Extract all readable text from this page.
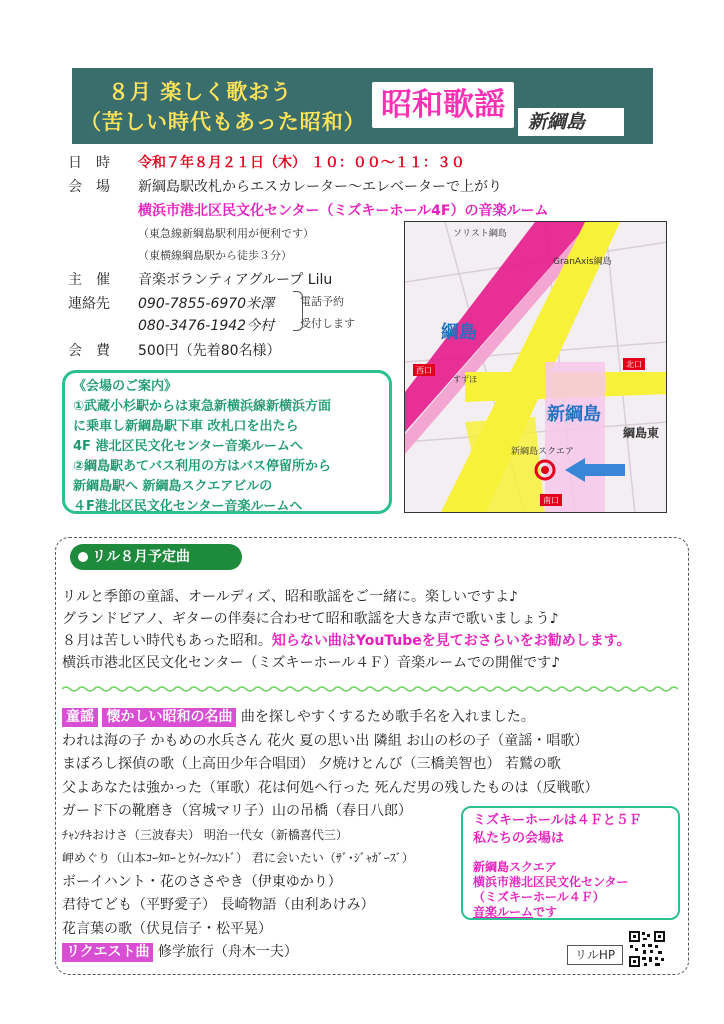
８月 楽しく歌おう
（苦しい時代もあった昭和） 昭和歌謡	新綱島
日　時	令和７年８月２１日（木） １０：００～１１：３０
会　場	新綱島駅改札からエスカレーター～エレベーターで上がり
横浜市港北区民文化センター（ミズキーホール4F）の音楽ルーム
（東急線新綱島駅利用が便利です）
（東横線綱島駅から徒歩３分）
主　催	音楽ボランティアグループ Lilu
連絡先	090-7855-6970米澤 電話予約
080-3476-1942今村 受付します
会　費	500円（先着80名様）
ソリスト綱島
GranAxis綱島
綱島
新綱島
綱島東
新綱島スクエア
西口
北口
南口
すずほ
《会場のご案内》
①武蔵小杉駅からは東急新横浜線新横浜方面
に乗車し新綱島駅下車 改札口を出たら
4F 港北区民文化センター音楽ルームへ
②綱島駅あてバス利用の方はバス停留所から
新綱島駅へ 新綱島スクエアビルの
４F港北区民文化センター音楽ルームへ
リル８月予定曲
リルと季節の童謡、オールディズ、昭和歌謡をご一緒に。楽しいですよ♪
グランドピアノ、ギターの伴奏に合わせて昭和歌謡を大きな声で歌いましょう♪
８月は苦しい時代もあった昭和。知らない曲はYouTubeを見ておさらいをお勧めします。
横浜市港北区民文化センター（ミズキーホール４Ｆ）音楽ルームでの開催です♪
童謡 懐かしい昭和の名曲 曲を探しやすくするため歌手名を入れました。
われは海の子 かもめの水兵さん 花火 夏の思い出 隣組 お山の杉の子（童謡・唱歌）
まぼろし探偵の歌（上高田少年合唱団） 夕焼けとんび（三橋美智也） 若鷲の歌
父よあなたは強かった（軍歌）花は何処へ行った 死んだ男の残したものは（反戦歌）
ガード下の靴磨き（宮城マリ子）山の吊橋（春日八郎）
ﾁｬﾝﾁｷおけさ（三波春夫） 明治一代女（新橋喜代三）
岬めぐり（山本ｺｰﾀﾛｰとｳｲｰｸｴﾝﾄﾞ） 君に会いたい（ｻﾞ･ｼﾞｬｶﾞｰｽﾞ）
ボーイハント・花のささやき（伊東ゆかり）
君待てども（平野愛子） 長崎物語（由利あけみ）
花言葉の歌（伏見信子・松平晃）
リクエスト曲 修学旅行（舟木一夫）
ミズキーホールは４Ｆと５Ｆ
私たちの会場は
新綱島スクエア
横浜市港北区民文化センター
（ミズキーホール４Ｆ）
音楽ルームです
リルHP
